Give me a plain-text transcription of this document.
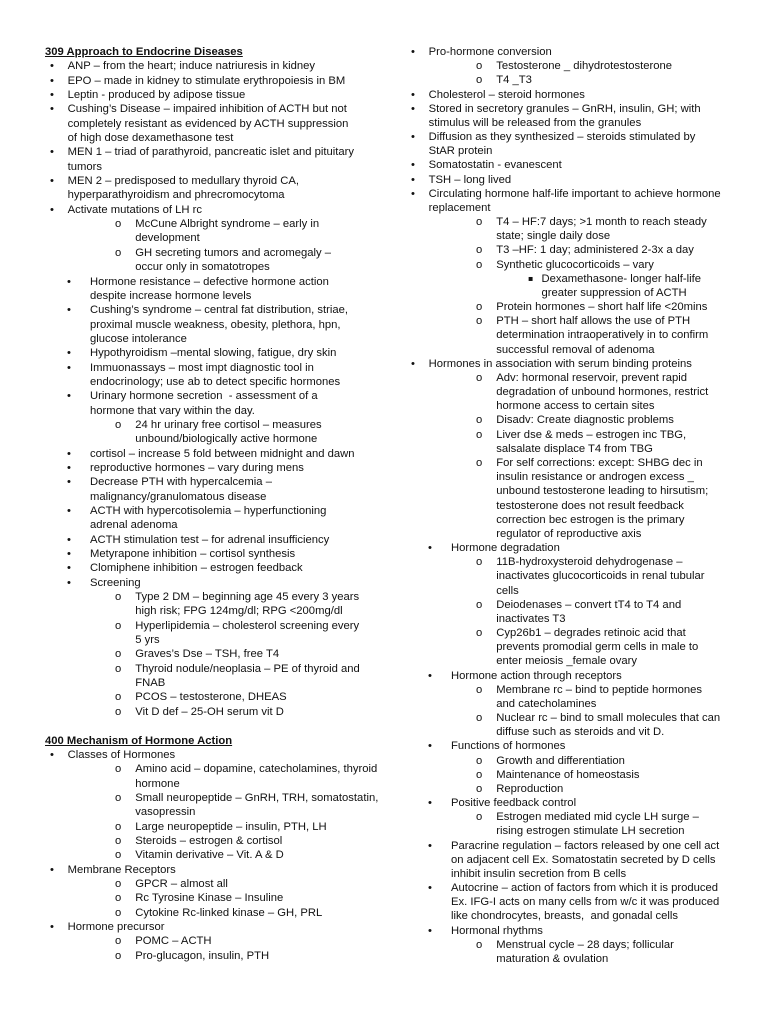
309 Approach to Endocrine Diseases
• ANP – from the heart; induce natriuresis in kidney
• EPO – made in kidney to stimulate erythropoiesis in BM
• Leptin - produced by adipose tissue
• Cushing’s Disease – impaired inhibition of ACTH but not
completely resistant as evidenced by ACTH suppression
of high dose dexamethasone test
• MEN 1 – triad of parathyroid, pancreatic islet and pituitary
tumors
• MEN 2 – predisposed to medullary thyroid CA,
hyperparathyroidism and phrecromocytoma
• Activate mutations of LH rc
o McCune Albright syndrome – early in
development
o GH secreting tumors and acromegaly –
occur only in somatotropes
• Hormone resistance – defective hormone action
despite increase hormone levels
• Cushing’s syndrome – central fat distribution, striae,
proximal muscle weakness, obesity, plethora, hpn,
glucose intolerance
• Hypothyroidism –mental slowing, fatigue, dry skin
• Immuonassays – most impt diagnostic tool in
endocrinology; use ab to detect specific hormones
• Urinary hormone secretion  - assessment of a
hormone that vary within the day.
o 24 hr urinary free cortisol – measures
unbound/biologically active hormone
• cortisol – increase 5 fold between midnight and dawn
• reproductive hormones – vary during mens
• Decrease PTH with hypercalcemia –
malignancy/granulomatous disease
• ACTH with hypercotisolemia – hyperfunctioning
adrenal adenoma
• ACTH stimulation test – for adrenal insufficiency
• Metyrapone inhibition – cortisol synthesis
• Clomiphene inhibition – estrogen feedback
• Screening
o Type 2 DM – beginning age 45 every 3 years
high risk; FPG 124mg/dl; RPG <200mg/dl
o Hyperlipidemia – cholesterol screening every
5 yrs
o Graves’s Dse – TSH, free T4
o Thyroid nodule/neoplasia – PE of thyroid and
FNAB
o PCOS – testosterone, DHEAS
o Vit D def – 25-OH serum vit D
400 Mechanism of Hormone Action
• Classes of Hormones
o Amino acid – dopamine, catecholamines, thyroid
hormone
o Small neuropeptide – GnRH, TRH, somatostatin,
vasopressin
o Large neuropeptide – insulin, PTH, LH
o Steroids – estrogen & cortisol
o Vitamin derivative – Vit. A & D
• Membrane Receptors
o GPCR – almost all
o Rc Tyrosine Kinase – Insuline
o Cytokine Rc-linked kinase – GH, PRL
• Hormone precursor
o POMC – ACTH
o Pro-glucagon, insulin, PTH
• Pro-hormone conversion
o Testosterone _ dihydrotestosterone
o T4 _T3
• Cholesterol – steroid hormones
• Stored in secretory granules – GnRH, insulin, GH; with
stimulus will be released from the granules
• Diffusion as they synthesized – steroids stimulated by
StAR protein
• Somatostatin - evanescent
• TSH – long lived
• Circulating hormone half-life important to achieve hormone
replacement
o T4 – HF:7 days; >1 month to reach steady
state; single daily dose
o T3 –HF: 1 day; administered 2-3x a day
o Synthetic glucocorticoids – vary
▪ Dexamethasone- longer half-life
greater suppression of ACTH
o Protein hormones – short half life <20mins
o PTH – short half allows the use of PTH
determination intraoperatively in to confirm
successful removal of adenoma
• Hormones in association with serum binding proteins
o Adv: hormonal reservoir, prevent rapid
degradation of unbound hormones, restrict
hormone access to certain sites
o Disadv: Create diagnostic problems
o Liver dse & meds – estrogen inc TBG,
salsalate displace T4 from TBG
o For self corrections: except: SHBG dec in
insulin resistance or androgen excess _
unbound testosterone leading to hirsutism;
testosterone does not result feedback
correction bec estrogen is the primary
regulator of reproductive axis
• Hormone degradation
o 11B-hydroxysteroid dehydrogenase –
inactivates glucocorticoids in renal tubular
cells
o Deiodenases – convert tT4 to T4 and
inactivates T3
o Cyp26b1 – degrades retinoic acid that
prevents promodial germ cells in male to
enter meiosis _female ovary
• Hormone action through receptors
o Membrane rc – bind to peptide hormones
and catecholamines
o Nuclear rc – bind to small molecules that can
diffuse such as steroids and vit D.
• Functions of hormones
o Growth and differentiation
o Maintenance of homeostasis
o Reproduction
• Positive feedback control
o Estrogen mediated mid cycle LH surge –
rising estrogen stimulate LH secretion
• Paracrine regulation – factors released by one cell act
on adjacent cell Ex. Somatostatin secreted by D cells
inhibit insulin secretion from B cells
• Autocrine – action of factors from which it is produced
Ex. IFG-I acts on many cells from w/c it was produced
like chondrocytes, breasts,  and gonadal cells
• Hormonal rhythms
o Menstrual cycle – 28 days; follicular
maturation & ovulation
